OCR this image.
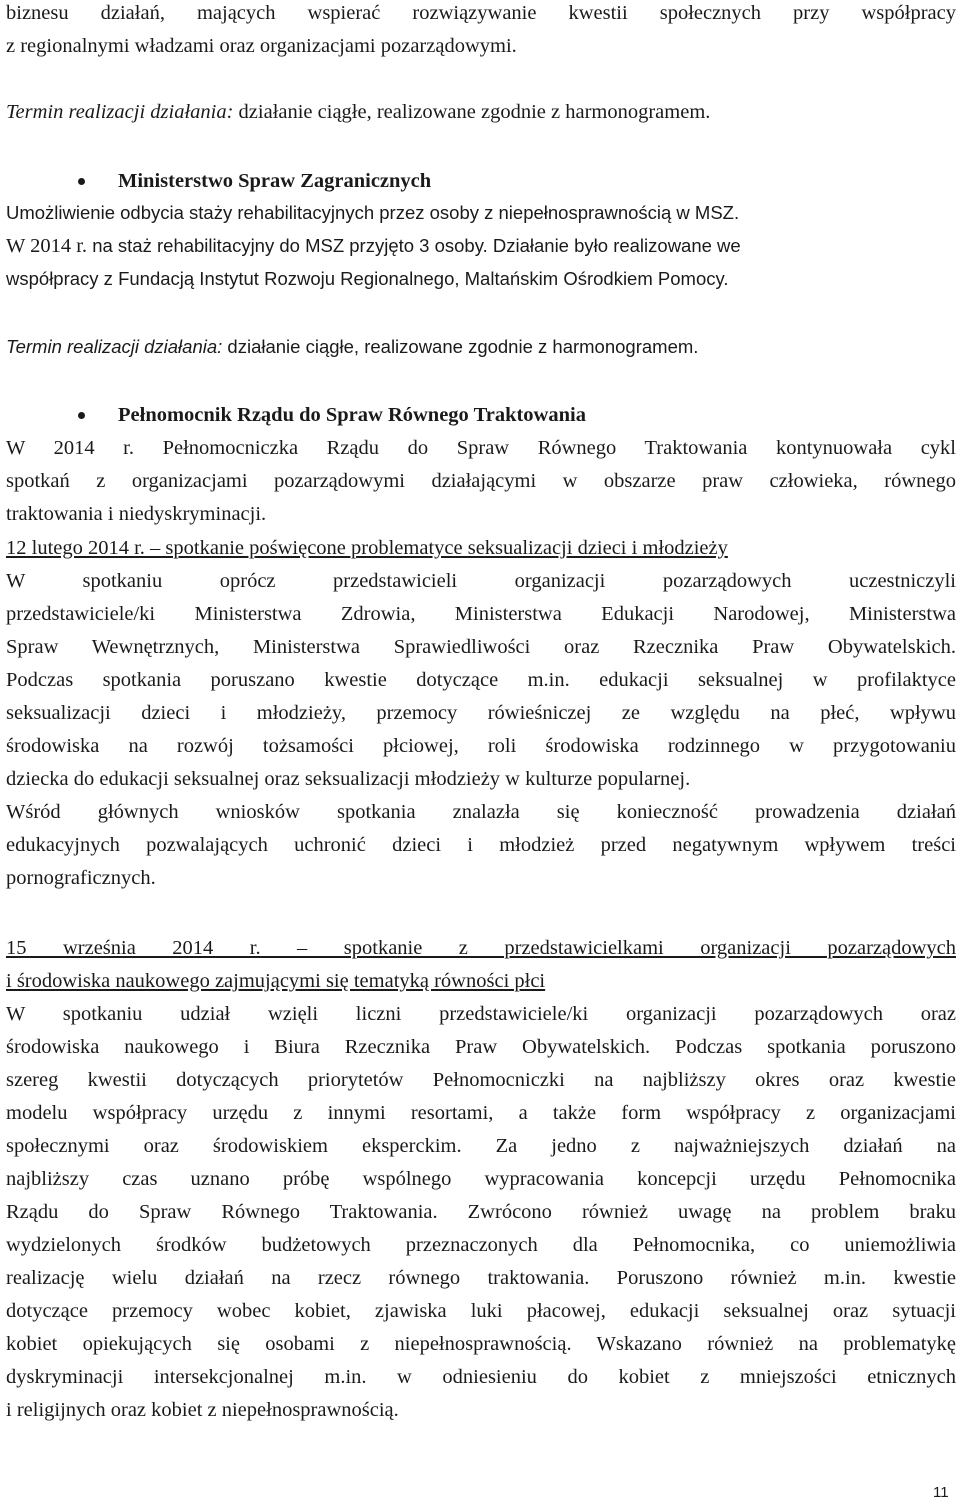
biznesu działań, mających wspierać rozwiązywanie kwestii społecznych przy współpracy
z regionalnymi władzami oraz organizacjami pozarządowymi.
Termin realizacji działania: działanie ciągłe, realizowane zgodnie z harmonogramem.
Ministerstwo Spraw Zagranicznych
Umożliwienie odbycia staży rehabilitacyjnych przez osoby z niepełnosprawnością w MSZ.
W 2014 r. na staż rehabilitacyjny do MSZ przyjęto 3 osoby. Działanie było realizowane we
współpracy z Fundacją Instytut Rozwoju Regionalnego, Maltańskim Ośrodkiem Pomocy.
Termin realizacji działania: działanie ciągłe, realizowane zgodnie z harmonogramem.
Pełnomocnik Rządu do Spraw Równego Traktowania
W 2014 r. Pełnomocniczka Rządu do Spraw Równego Traktowania kontynuowała cykl
spotkań z organizacjami pozarządowymi działającymi w obszarze praw człowieka, równego
traktowania i niedyskryminacji.
12 lutego 2014 r. – spotkanie poświęcone problematyce seksualizacji dzieci i młodzieży
W spotkaniu oprócz przedstawicieli organizacji pozarządowych uczestniczyli
przedstawiciele/ki Ministerstwa Zdrowia, Ministerstwa Edukacji Narodowej, Ministerstwa
Spraw Wewnętrznych, Ministerstwa Sprawiedliwości oraz Rzecznika Praw Obywatelskich.
Podczas spotkania poruszano kwestie dotyczące m.in. edukacji seksualnej w profilaktyce
seksualizacji dzieci i młodzieży, przemocy rówieśniczej ze względu na płeć, wpływu
środowiska na rozwój tożsamości płciowej, roli środowiska rodzinnego w przygotowaniu
dziecka do edukacji seksualnej oraz seksualizacji młodzieży w kulturze popularnej.
Wśród głównych wniosków spotkania znalazła się konieczność prowadzenia działań
edukacyjnych pozwalających uchronić dzieci i młodzież przed negatywnym wpływem treści
pornograficznych.
15 września 2014 r. – spotkanie z przedstawicielkami organizacji pozarządowych
i środowiska naukowego zajmującymi się tematyką równości płci
W spotkaniu udział wzięli liczni przedstawiciele/ki organizacji pozarządowych oraz
środowiska naukowego i Biura Rzecznika Praw Obywatelskich. Podczas spotkania poruszono
szereg kwestii dotyczących priorytetów Pełnomocniczki na najbliższy okres oraz kwestie
modelu współpracy urzędu z innymi resortami, a także form współpracy z organizacjami
społecznymi oraz środowiskiem eksperckim. Za jedno z najważniejszych działań na
najbliższy czas uznano próbę wspólnego wypracowania koncepcji urzędu Pełnomocnika
Rządu do Spraw Równego Traktowania. Zwrócono również uwagę na problem braku
wydzielonych środków budżetowych przeznaczonych dla Pełnomocnika, co uniemożliwia
realizację wielu działań na rzecz równego traktowania. Poruszono również m.in. kwestie
dotyczące przemocy wobec kobiet, zjawiska luki płacowej, edukacji seksualnej oraz sytuacji
kobiet opiekujących się osobami z niepełnosprawnością. Wskazano również na problematykę
dyskryminacji intersekcjonalnej m.in. w odniesieniu do kobiet z mniejszości etnicznych
i religijnych oraz kobiet z niepełnosprawnością.
11
